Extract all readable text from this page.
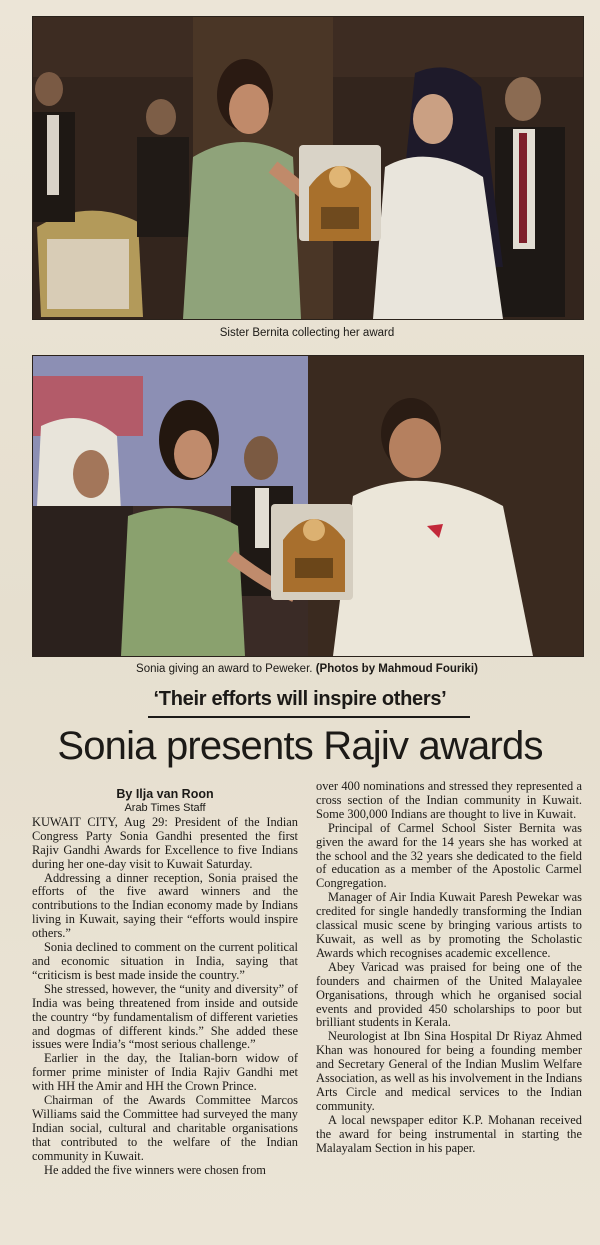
Sister Bernita collecting her award
Sonia giving an award to Peweker. (Photos by Mahmoud Fouriki)
‘Their efforts will inspire others’
Sonia presents Rajiv awards
By Ilja van Roon
Arab Times Staff

KUWAIT CITY, Aug 29: President of the Indian Congress Party Sonia Gandhi presented the first Rajiv Gandhi Awards for Excellence to five Indians during her one-day visit to Kuwait Saturday.

Addressing a dinner reception, Sonia praised the efforts of the five award winners and the contributions to the Indian economy made by Indians living in Kuwait, saying their “efforts would inspire others.”

Sonia declined to comment on the current political and economic situation in India, saying that “criticism is best made inside the country.”

She stressed, however, the “unity and diversity” of India was being threatened from inside and outside the country “by fundamentalism of different varieties and dogmas of different kinds.” She added these issues were India’s “most serious challenge.”

Earlier in the day, the Italian-born widow of former prime minister of India Rajiv Gandhi met with HH the Amir and HH the Crown Prince.

Chairman of the Awards Committee Marcos Williams said the Committee had surveyed the many Indian social, cultural and charitable organisations that contributed to the welfare of the Indian community in Kuwait.

He added the five winners were chosen from

over 400 nominations and stressed they represented a cross section of the Indian community in Kuwait. Some 300,000 Indians are thought to live in Kuwait.

Principal of Carmel School Sister Bernita was given the award for the 14 years she has worked at the school and the 32 years she dedicated to the field of education as a member of the Apostolic Carmel Congregation.

Manager of Air India Kuwait Paresh Pewekar was credited for single handedly transforming the Indian classical music scene by bringing various artists to Kuwait, as well as by promoting the Scholastic Awards which recognises academic excellence.

Abey Varicad was praised for being one of the founders and chairmen of the United Malayalee Organisations, through which he organised social events and provided 450 scholarships to poor but brilliant students in Kerala.

Neurologist at Ibn Sina Hospital Dr Riyaz Ahmed Khan was honoured for being a founding member and Secretary General of the Indian Muslim Welfare Association, as well as his involvement in the Indians Arts Circle and medical services to the Indian community.

A local newspaper editor K.P. Mohanan received the award for being instrumental in starting the Malayalam Section in his paper.
